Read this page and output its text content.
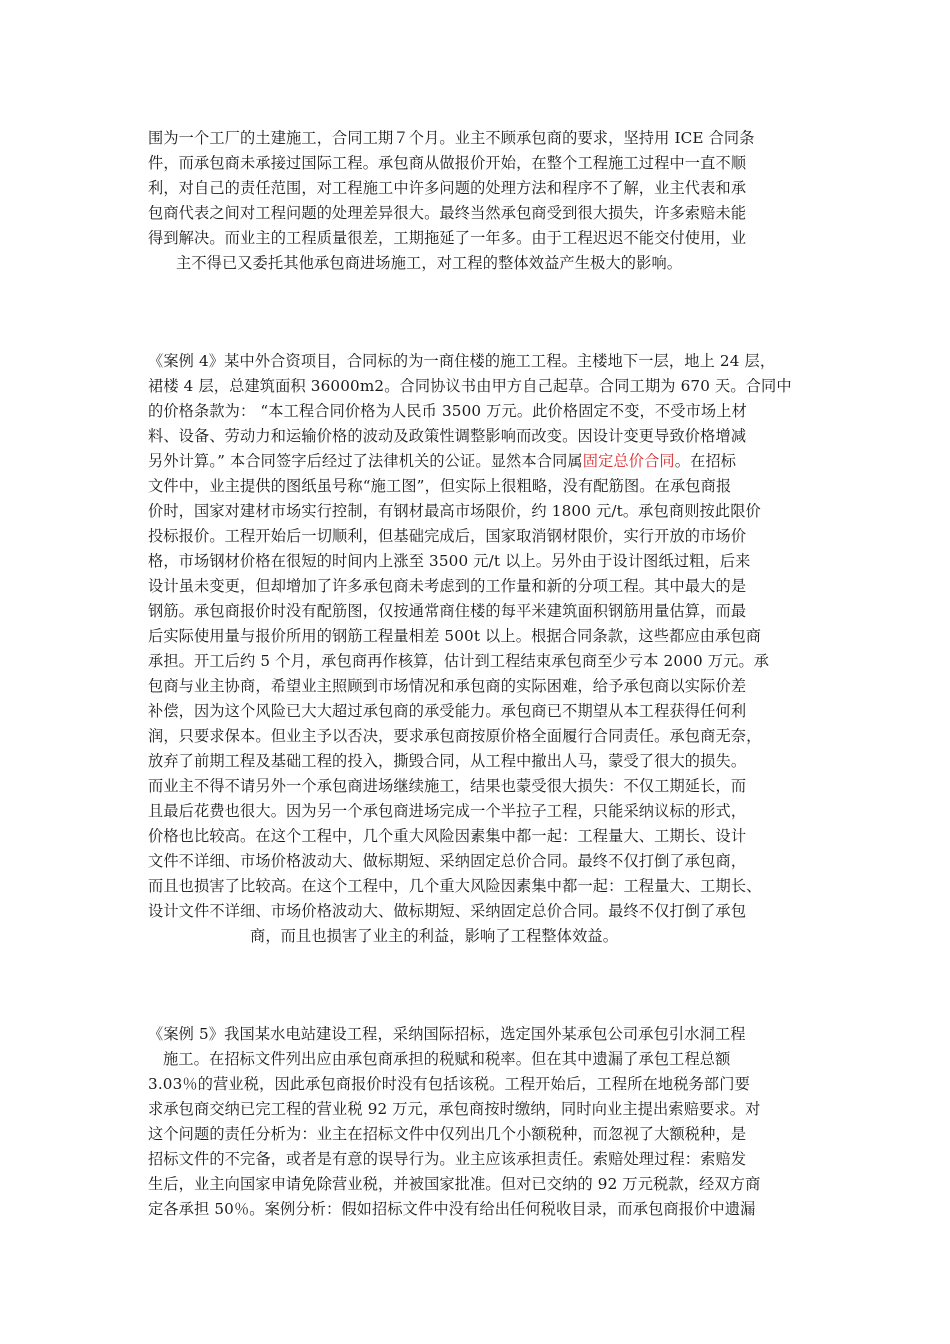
围为一个工厂的土建施工，合同工期７个月。业主不顾承包商的要求，坚持用 ICE 合同条
件，而承包商未承接过国际工程。承包商从做报价开始，在整个工程施工过程中一直不顺
利，对自己的责任范围，对工程施工中许多问题的处理方法和程序不了解，业主代表和承
包商代表之间对工程问题的处理差异很大。最终当然承包商受到很大损失，许多索赔未能
得到解决。而业主的工程质量很差，工期拖延了一年多。由于工程迟迟不能交付使用，业
主不得已又委托其他承包商进场施工，对工程的整体效益产生极大的影响。
《案例 4》某中外合资项目，合同标的为一商住楼的施工工程。主楼地下一层，地上 24 层，
裙楼 4 层，总建筑面积 36000m2。合同协议书由甲方自己起草。合同工期为 670 天。合同中
的价格条款为： “本工程合同价格为人民币 3500 万元。此价格固定不变，不受市场上材
料、设备、劳动力和运输价格的波动及政策性调整影响而改变。因设计变更导致价格增减
另外计算。” 本合同签字后经过了法律机关的公证。显然本合同属固定总价合同。在招标
文件中，业主提供的图纸虽号称“施工图”，但实际上很粗略，没有配筋图。在承包商报
价时，国家对建材市场实行控制，有钢材最高市场限价，约 1800 元/t。承包商则按此限价
投标报价。工程开始后一切顺利，但基础完成后，国家取消钢材限价，实行开放的市场价
格，市场钢材价格在很短的时间内上涨至 3500 元/t 以上。另外由于设计图纸过粗，后来
设计虽未变更，但却增加了许多承包商未考虑到的工作量和新的分项工程。其中最大的是
钢筋。承包商报价时没有配筋图，仅按通常商住楼的每平米建筑面积钢筋用量估算，而最
后实际使用量与报价所用的钢筋工程量相差 500t 以上。根据合同条款，这些都应由承包商
承担。开工后约 5 个月，承包商再作核算，估计到工程结束承包商至少亏本 2000 万元。承
包商与业主协商，希望业主照顾到市场情况和承包商的实际困难，给予承包商以实际价差
补偿，因为这个风险已大大超过承包商的承受能力。承包商已不期望从本工程获得任何利
润，只要求保本。但业主予以否决，要求承包商按原价格全面履行合同责任。承包商无奈，
放弃了前期工程及基础工程的投入，撕毁合同，从工程中撤出人马，蒙受了很大的损失。
而业主不得不请另外一个承包商进场继续施工，结果也蒙受很大损失：不仅工期延长，而
且最后花费也很大。因为另一个承包商进场完成一个半拉子工程，只能采纳议标的形式，
价格也比较高。在这个工程中，几个重大风险因素集中都一起：工程量大、工期长、设计
文件不详细、市场价格波动大、做标期短、采纳固定总价合同。最终不仅打倒了承包商，
而且也损害了比较高。在这个工程中，几个重大风险因素集中都一起：工程量大、工期长、
设计文件不详细、市场价格波动大、做标期短、采纳固定总价合同。最终不仅打倒了承包
商，而且也损害了业主的利益，影响了工程整体效益。
《案例 5》我国某水电站建设工程，采纳国际招标，选定国外某承包公司承包引水洞工程
施工。在招标文件列出应由承包商承担的税赋和税率。但在其中遗漏了承包工程总额
3.03％的营业税，因此承包商报价时没有包括该税。工程开始后，工程所在地税务部门要
求承包商交纳已完工程的营业税 92 万元，承包商按时缴纳，同时向业主提出索赔要求。对
这个问题的责任分析为：业主在招标文件中仅列出几个小额税种，而忽视了大额税种，是
招标文件的不完备，或者是有意的误导行为。业主应该承担责任。索赔处理过程：索赔发
生后，业主向国家申请免除营业税，并被国家批准。但对已交纳的 92 万元税款，经双方商
定各承担 50％。案例分析：假如招标文件中没有给出任何税收目录，而承包商报价中遗漏
